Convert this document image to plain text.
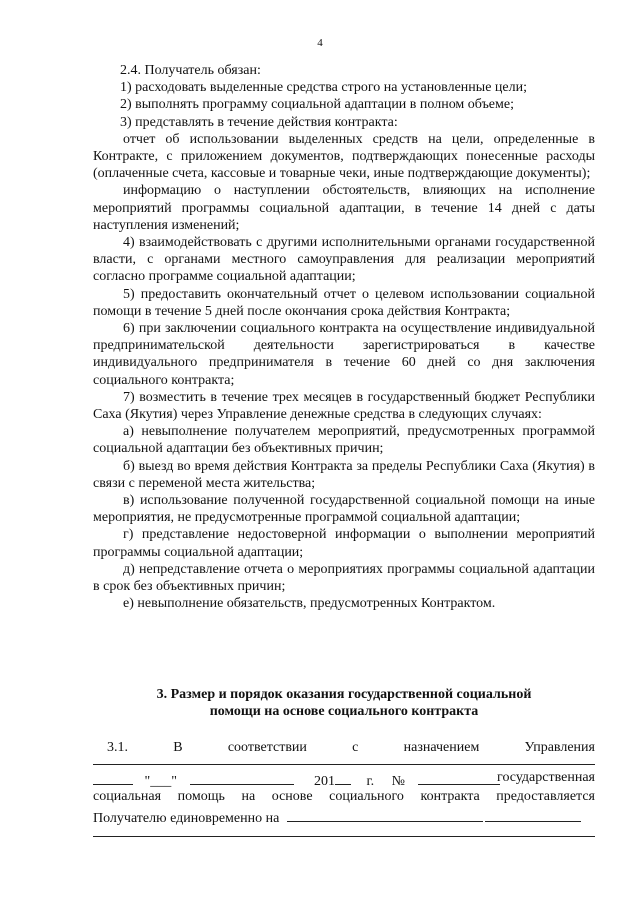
4

2.4. Получатель обязан:

1) расходовать выделенные средства строго на установленные цели;

2) выполнять программу социальной адаптации в полном объеме;

3) представлять в течение действия контракта:

отчет об использовании выделенных средств на цели, определенные в Контракте, с приложением документов, подтверждающих понесенные расходы (оплаченные счета, кассовые и товарные чеки, иные подтверждающие документы);

информацию о наступлении обстоятельств, влияющих на исполнение мероприятий программы социальной адаптации, в течение 14 дней с даты наступления изменений;

4) взаимодействовать с другими исполнительными органами государственной власти, с органами местного самоуправления для реализации мероприятий согласно программе социальной адаптации;

5) предоставить окончательный отчет о целевом использовании социальной помощи в течение 5 дней после окончания срока действия Контракта;

6) при заключении социального контракта на осуществление индивидуальной предпринимательской деятельности зарегистрироваться в качестве индивидуального предпринимателя в течение 60 дней со дня заключения социального контракта;

7) возместить в течение трех месяцев в государственный бюджет Республики Саха (Якутия) через Управление денежные средства в следующих случаях:

а) невыполнение получателем мероприятий, предусмотренных программой социальной адаптации без объективных причин;

б) выезд во время действия Контракта за пределы Республики Саха (Якутия) в связи с переменой места жительства;

в) использование полученной государственной социальной помощи на иные мероприятия, не предусмотренные программой социальной адаптации;

г) представление недостоверной информации о выполнении мероприятий программы социальной адаптации;

д) непредставление отчета о мероприятиях программы социальной адаптации в срок без объективных причин;

е) невыполнение обязательств, предусмотренных Контрактом.

3. Размер и порядок оказания государственной социальной
помощи на основе социального контракта
3.1.	В	соответствии	с	назначением	Управления
"___"	201 г. №	государственная
социальная помощь на основе социального контракта предоставляется
Получателю единовременно на
